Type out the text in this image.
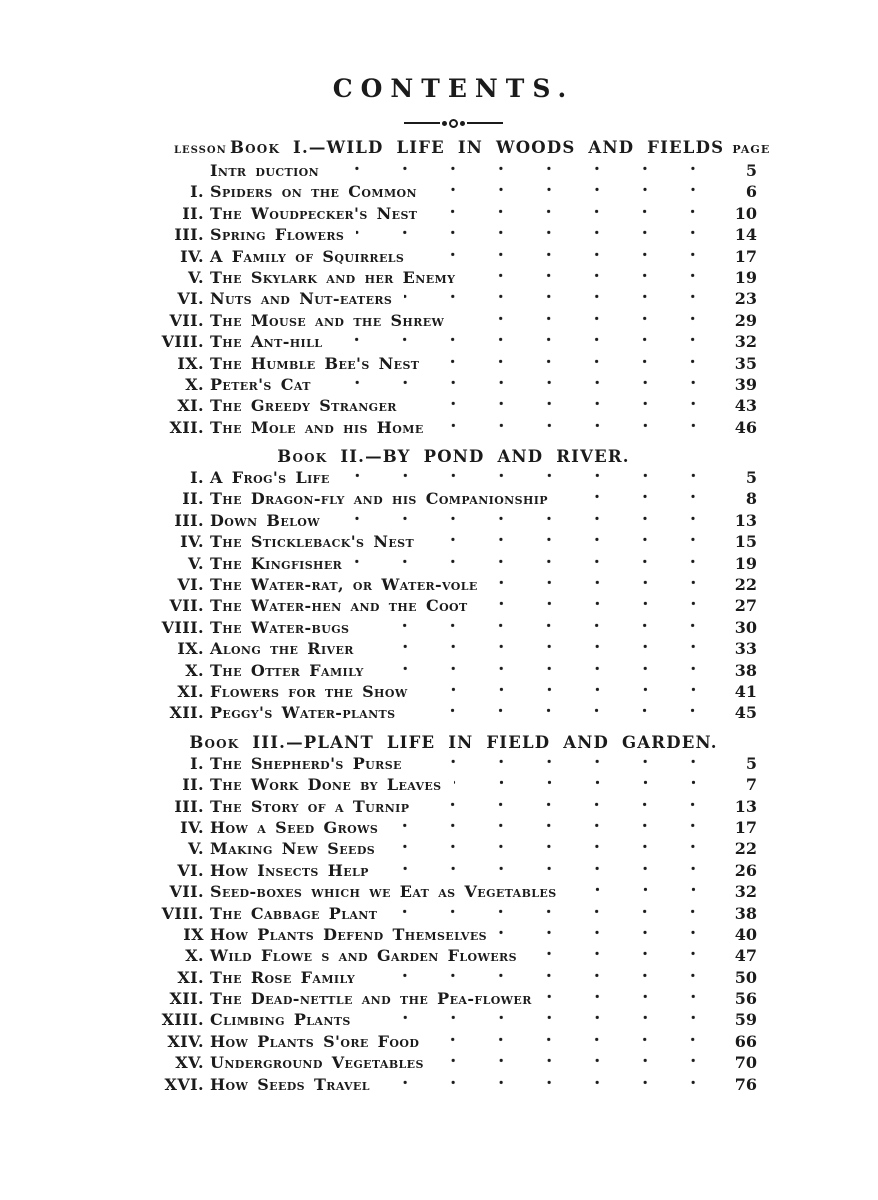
CONTENTS.
LESSON Book I.—WILD LIFE IN WOODS AND FIELDS PAGE
Intr duction	5
I. Spiders on the Common	6
II. The Woudpecker's Nest	10
III. Spring Flowers	14
IV. A Family of Squirrels	17
V. The Skylark and her Enemy	19
VI. Nuts and Nut-eaters	23
VII. The Mouse and the Shrew	29
VIII. The Ant-hill	32
IX. The Humble Bee's Nest	35
X. Peter's Cat	39
XI. The Greedy Stranger	43
XII. The Mole and his Home	46
Book II.—BY POND AND RIVER.
I. A Frog's Life	5
II. The Dragon-fly and his Companionship	8
III. Down Below	13
IV. The Stickleback's Nest	15
V. The Kingfisher	19
VI. The Water-rat, or Water-vole	22
VII. The Water-hen and the Coot	27
VIII. The Water-bugs	30
IX. Along the River	33
X. The Otter Family	38
XI. Flowers for the Show	41
XII. Peggy's Water-plants	45
Book III.—PLANT LIFE IN FIELD AND GARDEN.
I. The Shepherd's Purse	5
II. The Work Done by Leaves	7
III. The Story of a Turnip	13
IV. How a Seed Grows	17
V. Making New Seeds	22
VI. How Insects Help	26
VII. Seed-boxes which we Eat as Vegetables	32
VIII. The Cabbage Plant	38
IX How Plants Defend Themselves	40
X. Wild Flowe s and Garden Flowers	47
XI. The Rose Family	50
XII. The Dead-nettle and the Pea-flower	56
XIII. Climbing Plants	59
XIV. How Plants S'ore Food	66
XV. Underground Vegetables	70
XVI. How Seeds Travel	76
